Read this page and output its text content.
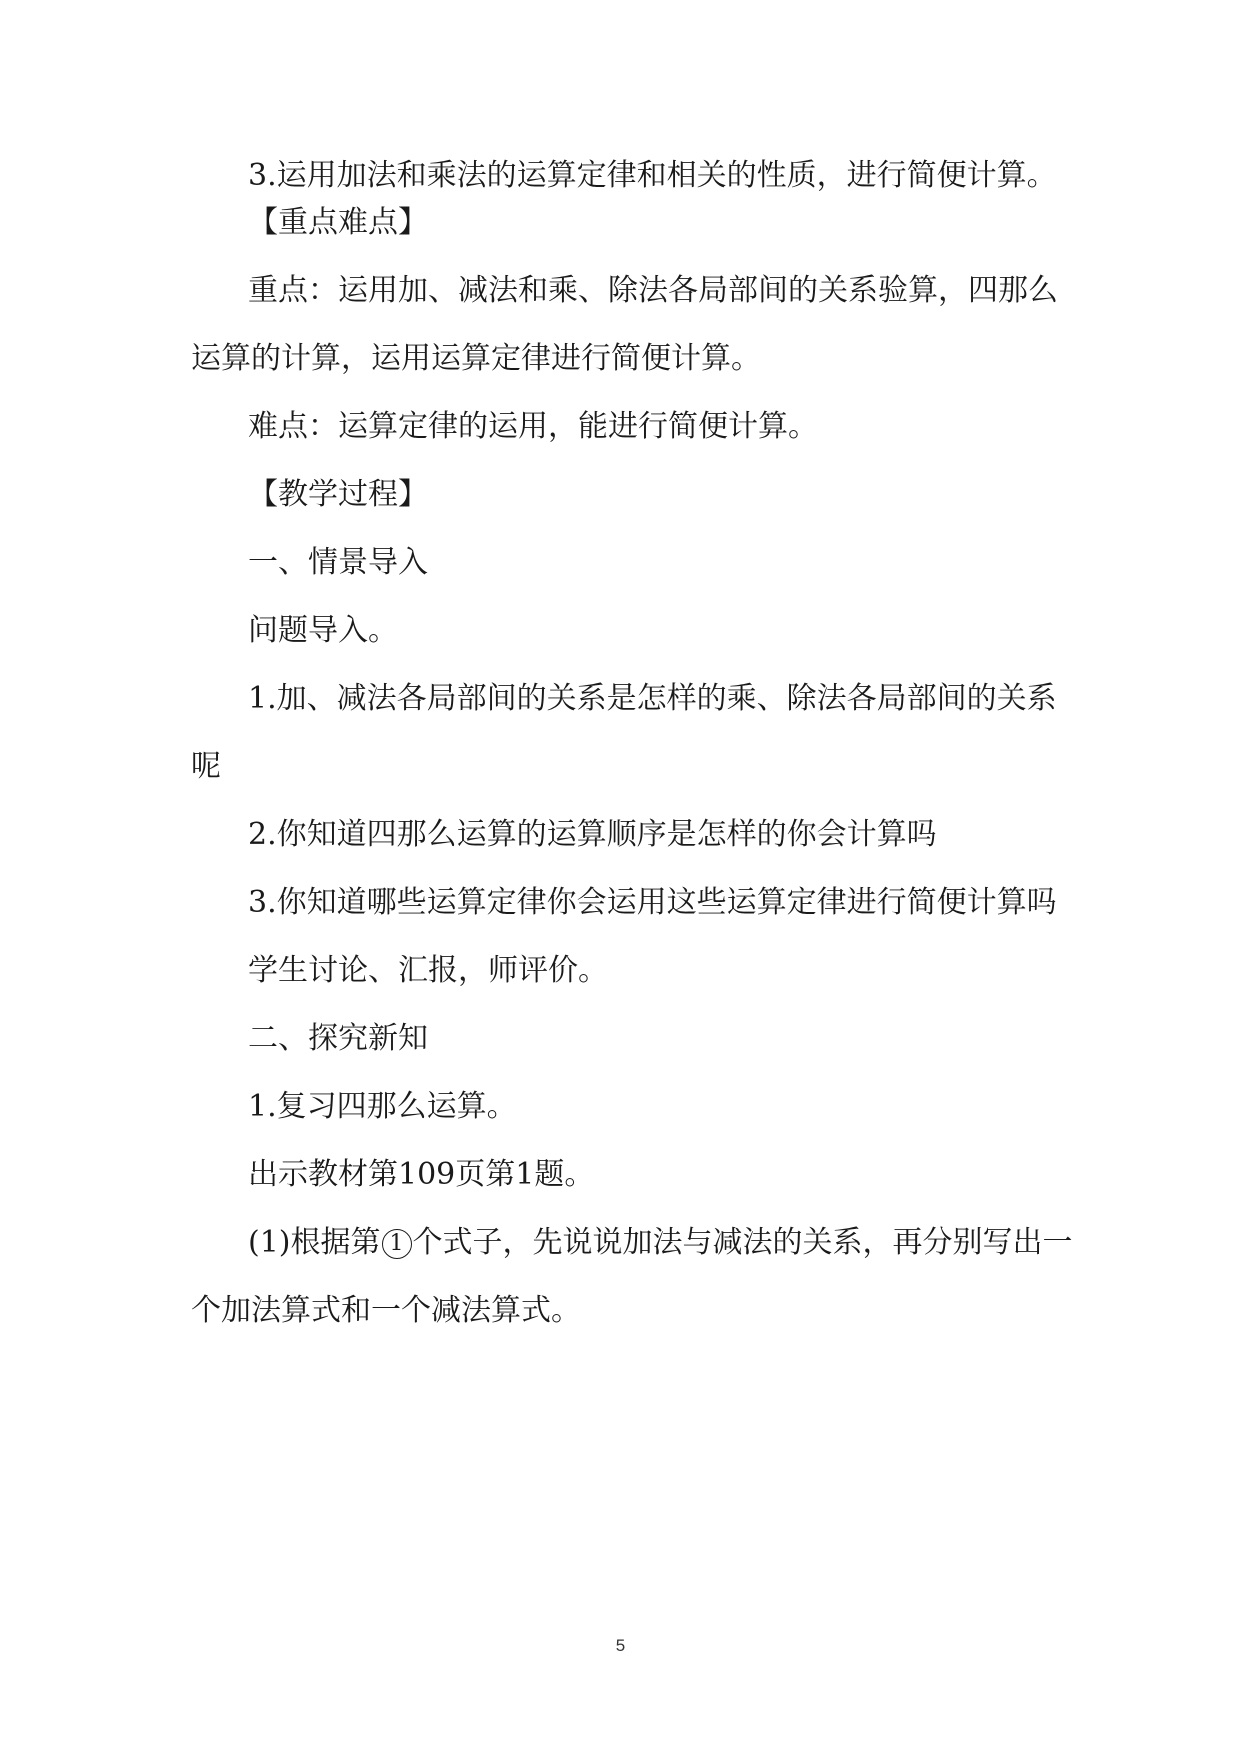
3.运用加法和乘法的运算定律和相关的性质，进行简便计算。
【重点难点】
重点：运用加、减法和乘、除法各局部间的关系验算，四那么
运算的计算，运用运算定律进行简便计算。
难点：运算定律的运用，能进行简便计算。
【教学过程】
一、情景导入
问题导入。
1.加、减法各局部间的关系是怎样的乘、除法各局部间的关系
呢
2.你知道四那么运算的运算顺序是怎样的你会计算吗
3.你知道哪些运算定律你会运用这些运算定律进行简便计算吗
学生讨论、汇报，师评价。
二、探究新知
1.复习四那么运算。
出示教材第109页第1题。
(1)根据第 1 个式子，先说说加法与减法的关系，再分别写出一
个加法算式和一个减法算式。
5
